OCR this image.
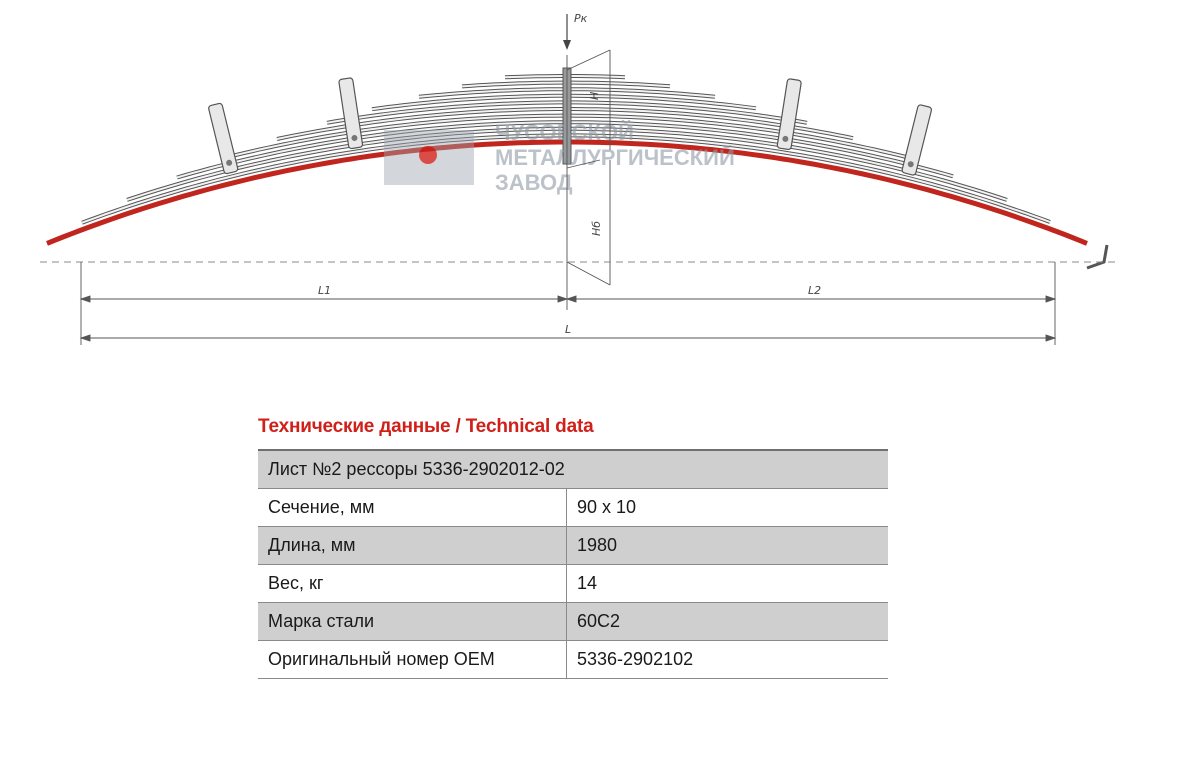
ЧУСОВСКОЙ
МЕТАЛЛУРГИЧЕСКИЙ
ЗАВОД
Pк
H
Hб
L1	L2
L
Технические данные / Technical data
Лист №2 рессоры 5336-2902012-02	
Сечение, мм	90 x 10
Длина, мм	1980
Вес, кг	14
Марка стали	60С2
Оригинальный номер OEM	5336-2902102
